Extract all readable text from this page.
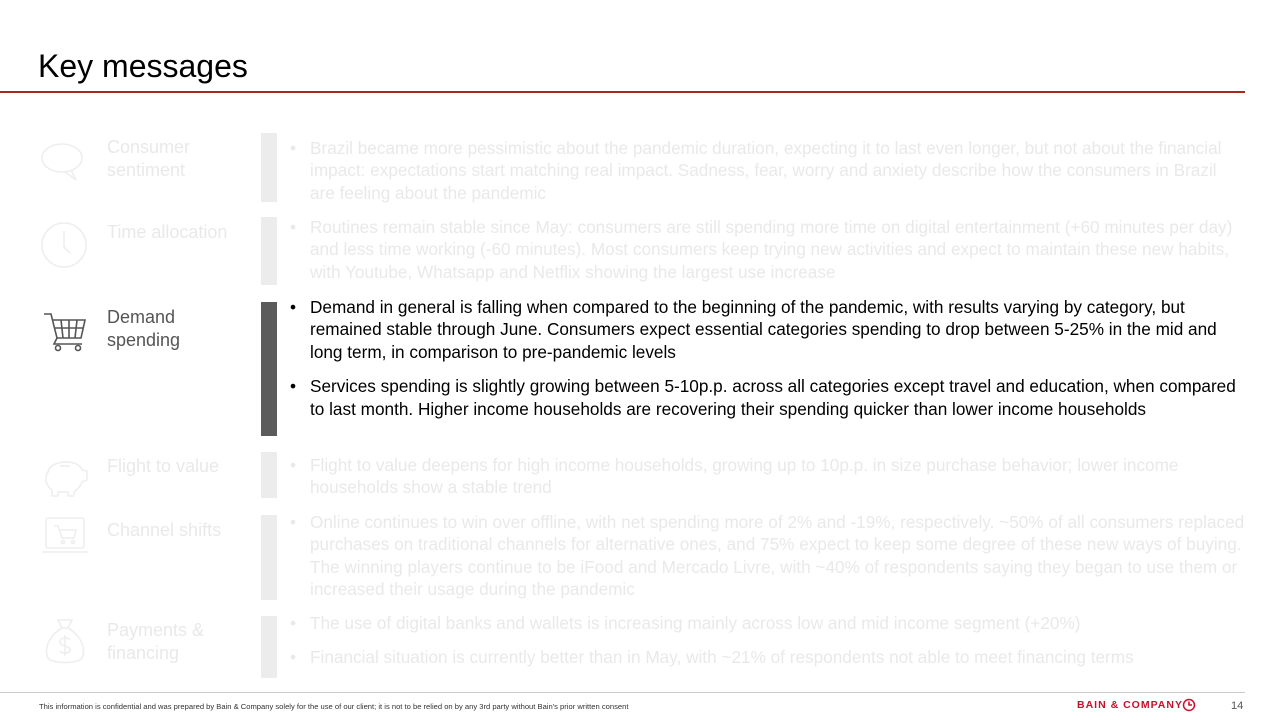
Key messages
Consumer sentiment
• Brazil became more pessimistic about the pandemic duration, expecting it to last even longer, but not about the financial impact: expectations start matching real impact. Sadness, fear, worry and anxiety describe how the consumers in Brazil are feeling about the pandemic
Time allocation	• Routines remain stable since May: consumers are still spending more time on digital entertainment (+60 minutes per day) and less time working (-60 minutes). Most consumers keep trying new activities and expect to maintain these new habits, with Youtube, Whatsapp and Netflix showing the largest use increase
Demand spending
• Demand in general is falling when compared to the beginning of the pandemic, with results varying by category, but remained stable through June. Consumers expect essential categories spending to drop between 5-25% in the mid and long term, in comparison to pre-pandemic levels
• Services spending is slightly growing between 5-10p.p. across all categories except travel and education, when compared to last month. Higher income households are recovering their spending quicker than lower income households
Flight to value	• Flight to value deepens for high income households, growing up to 10p.p. in size purchase behavior; lower income households show a stable trend
Channel shifts	• Online continues to win over offline, with net spending more of 2% and -19%, respectively. ~50% of all consumers replaced purchases on traditional channels for alternative ones, and 75% expect to keep some degree of these new ways of buying. The winning players continue to be iFood and Mercado Livre, with ~40% of respondents saying they began to use them or increased their usage during the pandemic
Payments & financing
• The use of digital banks and wallets is increasing mainly across low and mid income segment (+20%)
• Financial situation is currently better than in May, with ~21% of respondents not able to meet financing terms
This information is confidential and was prepared by Bain & Company solely for the use of our client; it is not to be relied on by any 3rd party without Bain's prior written consent	BAIN & COMPANY	14
